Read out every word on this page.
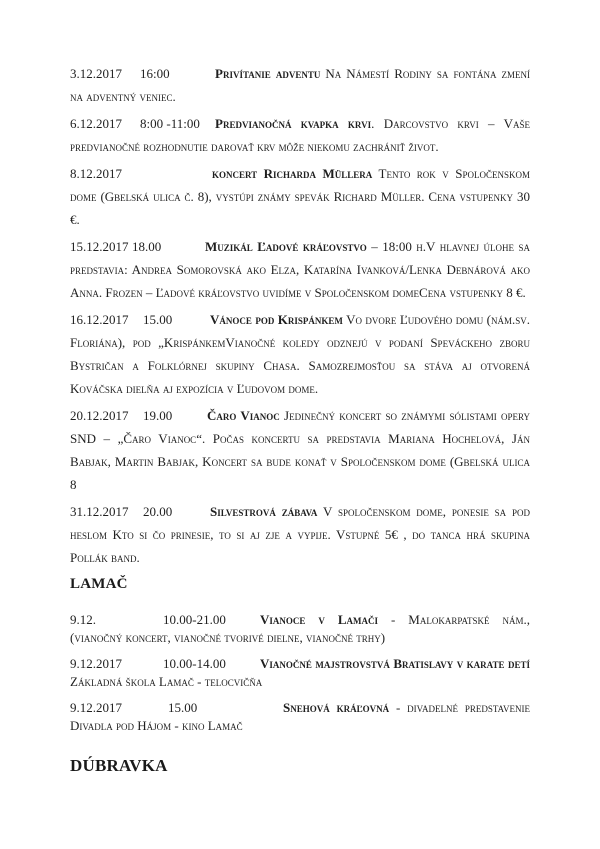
3.12.2017 16:00	Privítanie adventu Na Námestí Rodiny sa fontána zmení na adventný veniec.

6.12.2017 8:00 -11:00 Predvianočná kvapka krvi. Darcovstvo krvi – Vaše predvianočné rozhodnutie darovať krv môže niekomu zachrániť život.

8.12.2017	koncert Richarda Müllera Tento rok v Spoločenskom dome (Gbelská ulica č. 8), vystúpi známy spevák Richard Müller. Cena vstupenky 30 €.

15.12.2017 18.00	Muzikál Ľadové kráľovstvo – 18:00 h.V hlavnej úlohe sa predstavia: Andrea Somorovská ako Elza, Katarína Ivanková/Lenka Debnárová ako Anna. Frozen – Ľadové kráľovstvo uvidíme v Spoločenskom domeCena vstupenky 8 €.

16.12.2017 15.00	Vánoce pod Krispánkem Vo dvore Ľudového domu (nám.sv. Floriána), pod „KrispánkemVianočné koledy odznejú v podaní Speváckeho zboru Bystričan a Folklórnej skupiny Chasa. Samozrejmosťou sa stáva aj otvorená Kováčska dielňa aj expozícia v Ľudovom dome.

20.12.2017 19.00	Čaro Vianoc Jedinečný koncert so známymi sólistami opery SND – „Čaro Vianoc“. Počas koncertu sa predstavia Mariana Hochelová, Ján Babjak, Martin Babjak, Koncert sa bude konať v Spoločenskom dome (Gbelská ulica 8

31.12.2017 20.00	Silvestrová zábava V spoločenskom dome, ponesie sa pod heslom Kto si čo prinesie, to si aj zje a vypije. Vstupné 5€ , do tanca hrá skupina Pollák band.

LAMAČ

9.12.	10.00-21.00	Vianoce v Lamači - Malokarpatské nám., (vianočný koncert, vianočné tvorivé dielne, vianočné trhy)

9.12.2017	10.00-14.00	Vianočné majstrovstvá Bratislavy v karate detí Základná škola Lamač - telocvičňa

9.12.2017	15.00	Snehová kráľovná - divadelné predstavenie Divadla pod Hájom - kino Lamač

DÚBRAVKA
